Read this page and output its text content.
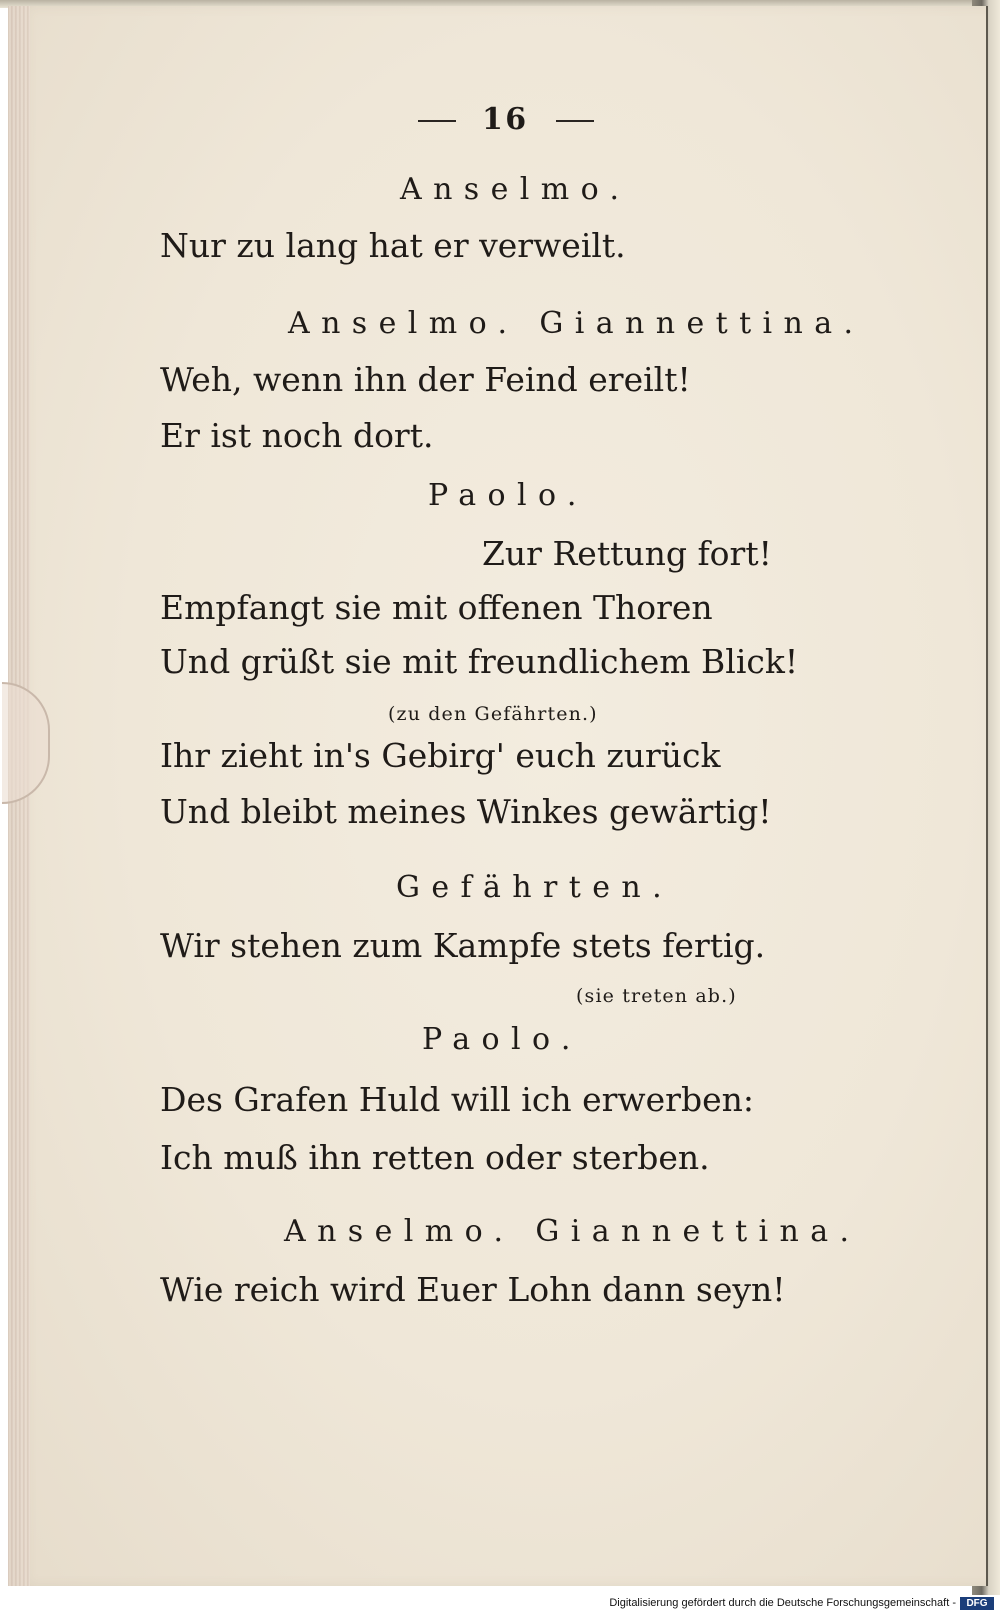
16
Anselmo.
Nur zu lang hat er verweilt.
Anselmo. Giannettina.
Weh, wenn ihn der Feind ereilt!
Er ist noch dort.
Paolo.
Zur Rettung fort!
Empfangt sie mit offenen Thoren
Und grüßt sie mit freundlichem Blick!
(zu den Gefährten.)
Ihr zieht in's Gebirg' euch zurück
Und bleibt meines Winkes gewärtig!
Gefährten.
Wir stehen zum Kampfe stets fertig.
(sie treten ab.)
Paolo.
Des Grafen Huld will ich erwerben:
Ich muß ihn retten oder sterben.
Anselmo. Giannettina.
Wie reich wird Euer Lohn dann seyn!
Digitalisierung gefördert durch die Deutsche Forschungsgemeinschaft -	DFG
